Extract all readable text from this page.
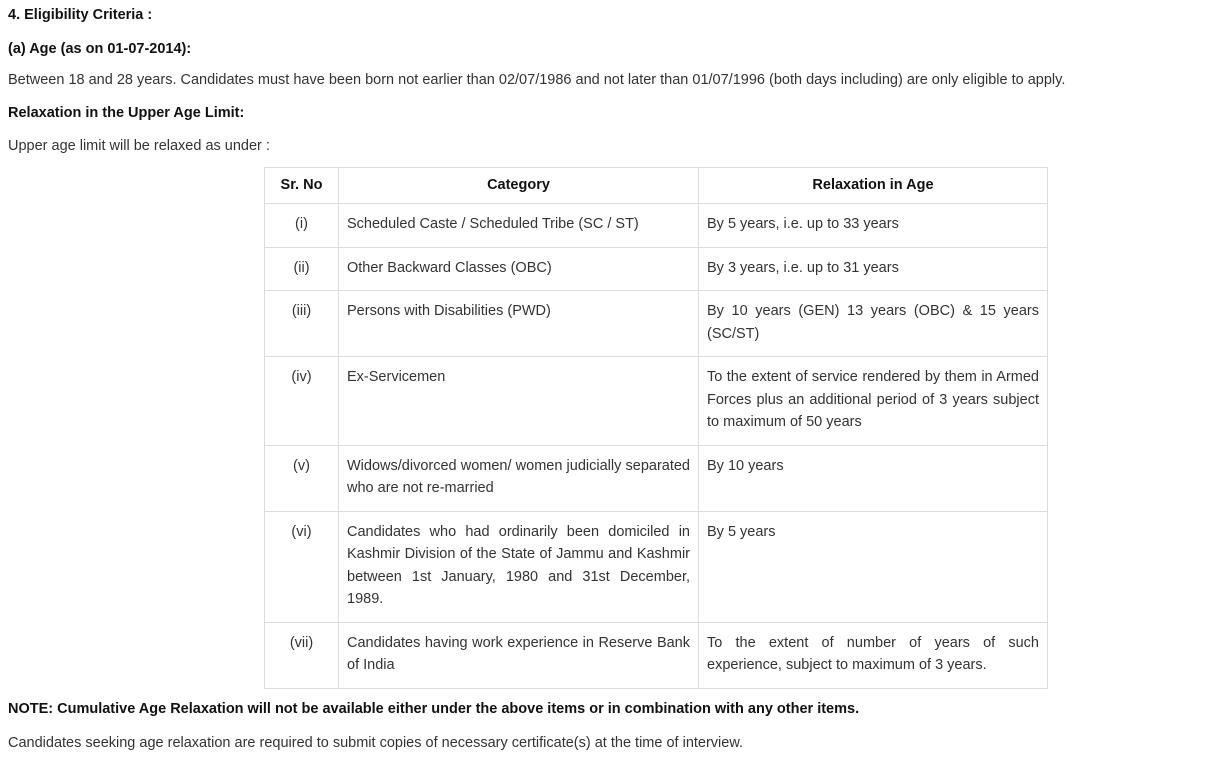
4. Eligibility Criteria :

(a) Age (as on 01-07-2014):

Between 18 and 28 years. Candidates must have been born not earlier than 02/07/1986 and not later than 01/07/1996 (both days including) are only eligible to apply.

Relaxation in the Upper Age Limit:

Upper age limit will be relaxed as under :

Sr. No	Category	Relaxation in Age
(i)	Scheduled Caste / Scheduled Tribe (SC / ST)	By 5 years, i.e. up to 33 years
(ii)	Other Backward Classes (OBC)	By 3 years, i.e. up to 31 years
(iii)	Persons with Disabilities (PWD)	By 10 years (GEN) 13 years (OBC) & 15 years (SC/ST)
(iv)	Ex-Servicemen	To the extent of service rendered by them in Armed Forces plus an additional period of 3 years subject to maximum of 50 years
(v)	Widows/divorced women/ women judicially separated who are not re-married	By 10 years
(vi)	Candidates who had ordinarily been domiciled in Kashmir Division of the State of Jammu and Kashmir between 1st January, 1980 and 31st December, 1989.	By 5 years
(vii)	Candidates having work experience in Reserve Bank of India	To the extent of number of years of such experience, subject to maximum of 3 years.

NOTE: Cumulative Age Relaxation will not be available either under the above items or in combination with any other items.

Candidates seeking age relaxation are required to submit copies of necessary certificate(s) at the time of interview.
